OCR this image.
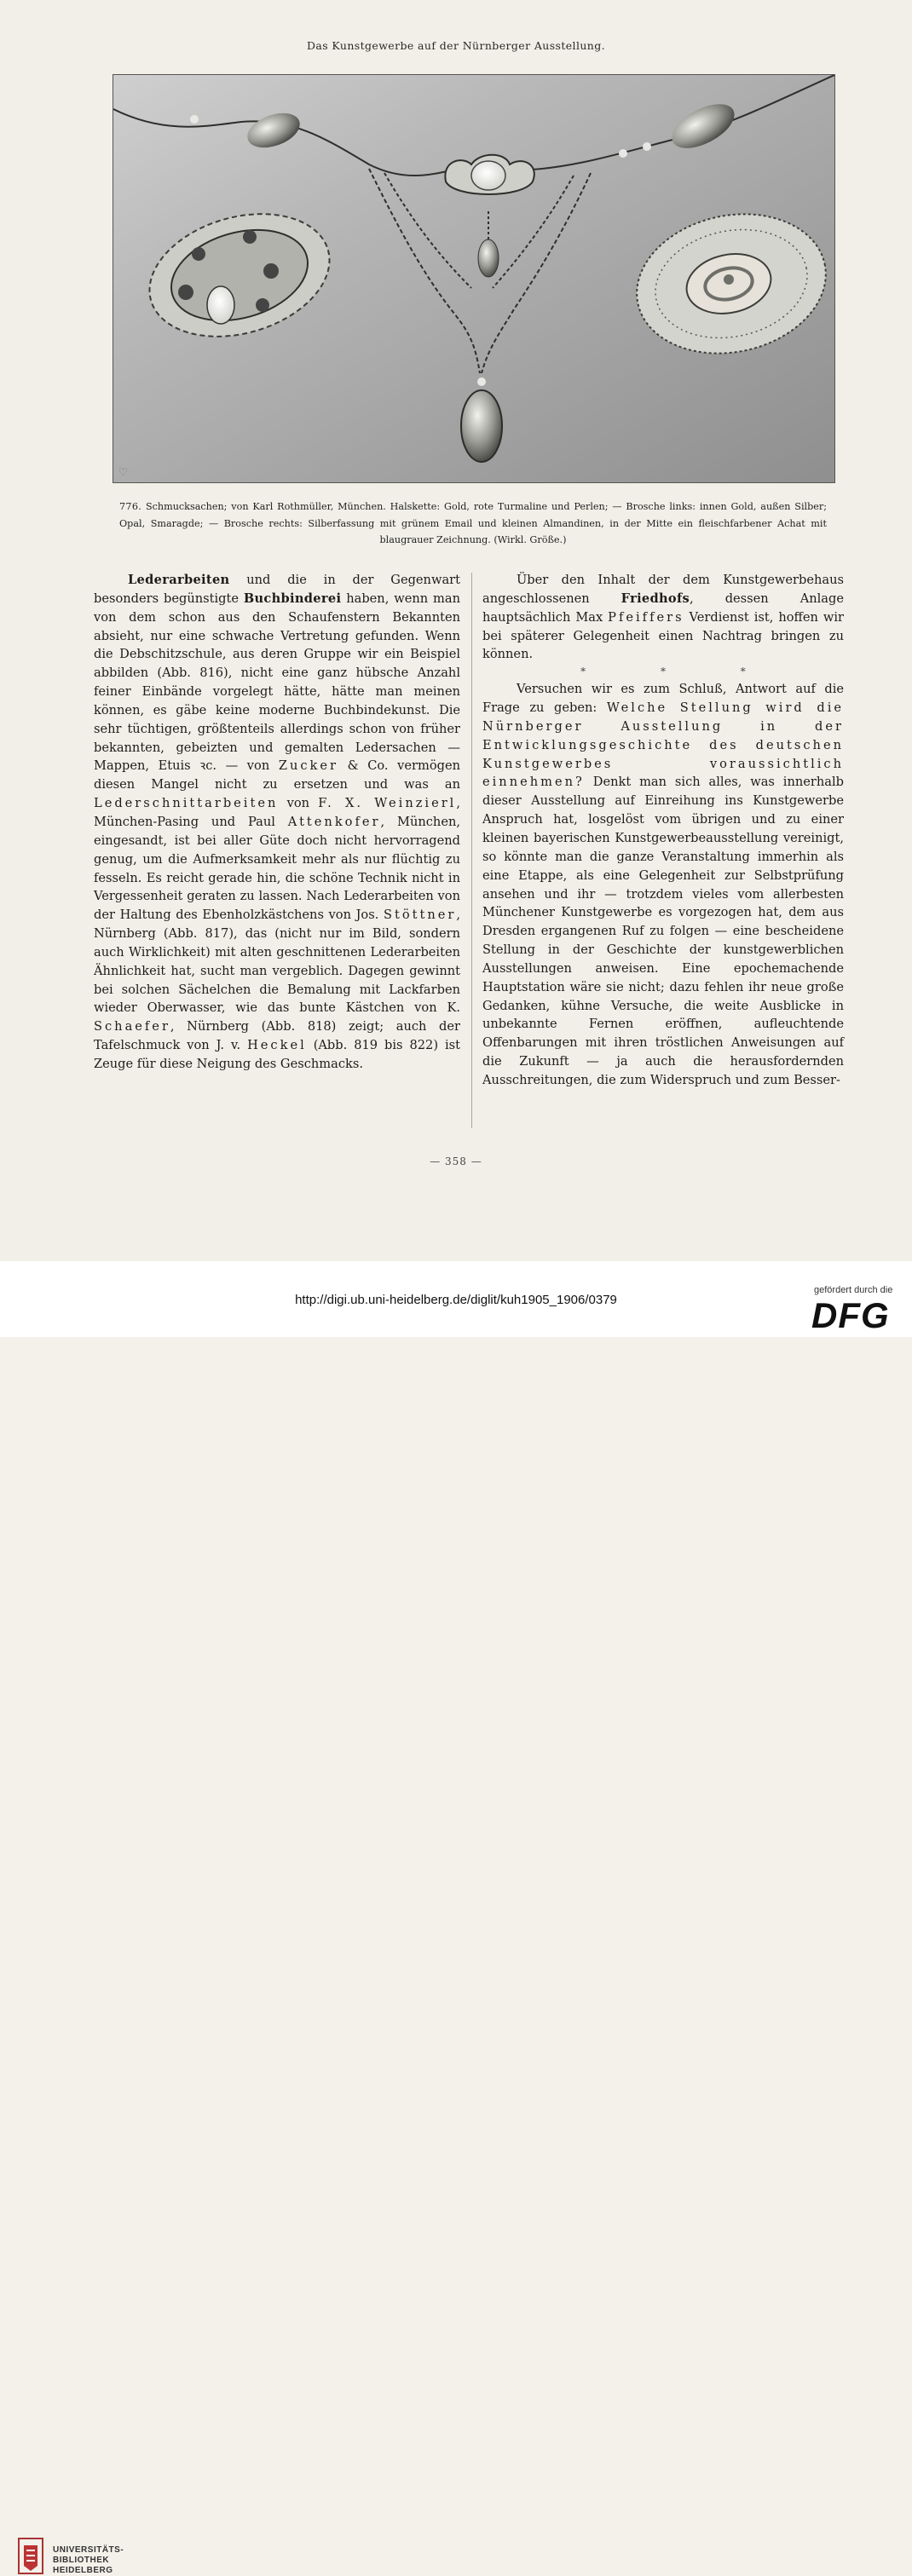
Das Kunstgewerbe auf der Nürnberger Ausstellung.
♡
776. Schmucksachen; von Karl Rothmüller, München. Halskette: Gold, rote Turmaline und Perlen; — Brosche links: innen Gold, außen Silber; Opal, Smaragde; — Brosche rechts: Silberfassung mit grünem Email und kleinen Almandinen, in der Mitte ein fleischfarbener Achat mit blaugrauer Zeichnung. (Wirkl. Größe.)

Lederarbeiten und die in der Gegenwart besonders begünstigte Buchbinderei haben, wenn man von dem schon aus den Schaufenstern Bekannten absieht, nur eine schwache Vertretung gefunden. Wenn die Debschitzschule, aus deren Gruppe wir ein Beispiel abbilden (Abb. 816), nicht eine ganz hübsche Anzahl feiner Einbände vorgelegt hätte, hätte man meinen können, es gäbe keine moderne Buchbindekunst. Die sehr tüchtigen, größtenteils allerdings schon von früher bekannten, gebeizten und gemalten Ledersachen — Mappen, Etuis ꝛc. — von Zucker & Co. vermögen diesen Mangel nicht zu ersetzen und was an Lederschnittarbeiten von F. X. Weinzierl, München-Pasing und Paul Attenkofer, München, eingesandt, ist bei aller Güte doch nicht hervorragend genug, um die Aufmerksamkeit mehr als nur flüchtig zu fesseln. Es reicht gerade hin, die schöne Technik nicht in Vergessenheit geraten zu lassen. Nach Lederarbeiten von der Haltung des Ebenholzkästchens von Jos. Stöttner, Nürnberg (Abb. 817), das (nicht nur im Bild, sondern auch Wirklichkeit) mit alten geschnittenen Lederarbeiten Ähnlichkeit hat, sucht man vergeblich. Dagegen gewinnt bei solchen Sächelchen die Bemalung mit Lackfarben wieder Oberwasser, wie das bunte Kästchen von K. Schaefer, Nürnberg (Abb. 818) zeigt; auch der Tafelschmuck von J. v. Heckel (Abb. 819 bis 822) ist Zeuge für diese Neigung des Geschmacks.

Über den Inhalt der dem Kunstgewerbehaus angeschlossenen Friedhofs, dessen Anlage hauptsächlich Max Pfeiffers Verdienst ist, hoffen wir bei späterer Gelegenheit einen Nachtrag bringen zu können.

* * *

Versuchen wir es zum Schluß, Antwort auf die Frage zu geben: Welche Stellung wird die Nürnberger Ausstellung in der Entwicklungsgeschichte des deutschen Kunstgewerbes voraussichtlich einnehmen? Denkt man sich alles, was innerhalb dieser Ausstellung auf Einreihung ins Kunstgewerbe Anspruch hat, losgelöst vom übrigen und zu einer kleinen bayerischen Kunstgewerbeausstellung vereinigt, so könnte man die ganze Veranstaltung immerhin als eine Etappe, als eine Gelegenheit zur Selbstprüfung ansehen und ihr — trotzdem vieles vom allerbesten Münchener Kunstgewerbe es vorgezogen hat, dem aus Dresden ergangenen Ruf zu folgen — eine bescheidene Stellung in der Geschichte der kunstgewerblichen Ausstellungen anweisen. Eine epochemachende Hauptstation wäre sie nicht; dazu fehlen ihr neue große Gedanken, kühne Versuche, die weite Ausblicke in unbekannte Fernen eröffnen, aufleuchtende Offenbarungen mit ihren tröstlichen Anweisungen auf die Zukunft — ja auch die herausfordernden Ausschreitungen, die zum Widerspruch und zum Besser-

— 358 —
UNIVERSITÄTS-
BIBLIOTHEK
HEIDELBERG
http://digi.ub.uni-heidelberg.de/diglit/kuh1905_1906/0379
gefördert durch die
DFG
